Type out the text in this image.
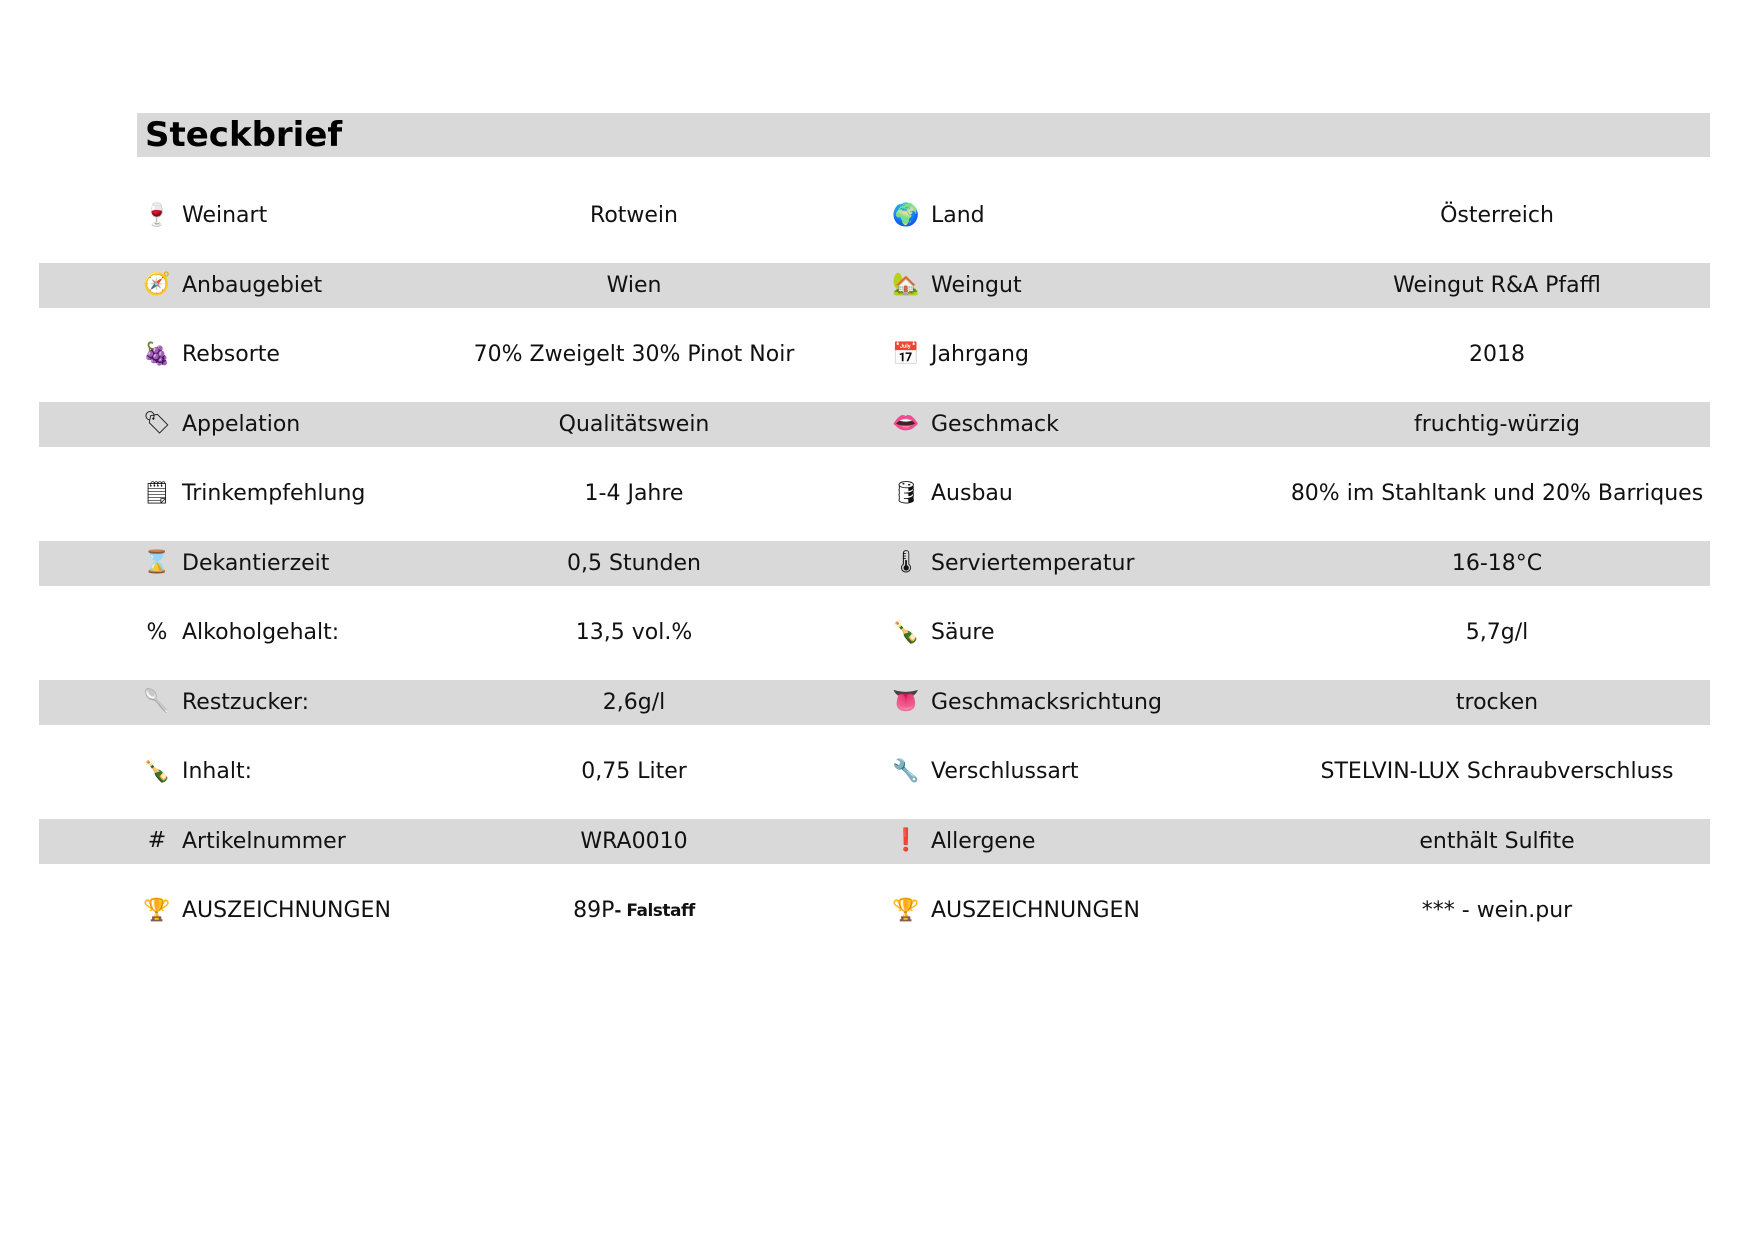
Steckbrief
🍷 Weinart	Rotwein	🌍 Land	Österreich
🧭 Anbaugebiet	Wien	🏡 Weingut	Weingut R&A Pfaffl
🍇 Rebsorte	70% Zweigelt 30% Pinot Noir	📅 Jahrgang	2018
🏷 Appelation	Qualitätswein	👄 Geschmack	fruchtig-würzig
🗒 Trinkempfehlung	1-4 Jahre	🛢 Ausbau	80% im Stahltank und 20% Barriques
⌛ Dekantierzeit	0,5 Stunden	🌡 Serviertemperatur	16-18°C
% Alkoholgehalt:	13,5 vol.%	🍾 Säure	5,7g/l
🥄 Restzucker:	2,6g/l	👅 Geschmacksrichtung	trocken
🍾 Inhalt:	0,75 Liter	🔧 Verschlussart	STELVIN-LUX Schraubverschluss
# Artikelnummer	WRA0010	❗ Allergene	enthält Sulfite
🏆 AUSZEICHNUNGEN	89P - Falstaff	🏆 AUSZEICHNUNGEN	*** - wein.pur
